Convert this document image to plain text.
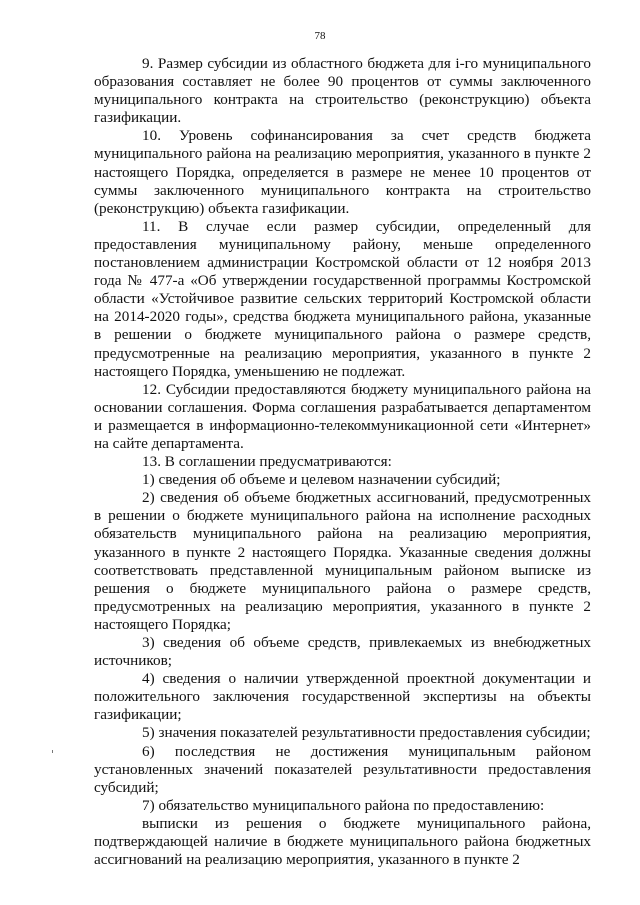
78

9. Размер субсидии из областного бюджета для i-го муниципального образования составляет не более 90 процентов от суммы заключенного муниципального контракта на строительство (реконструкцию) объекта газификации.

10. Уровень софинансирования за счет средств бюджета муниципального района на реализацию мероприятия, указанного в пункте 2 настоящего Порядка, определяется в размере не менее 10 процентов от суммы заключенного муниципального контракта на строительство (реконструкцию) объекта газификации.

11. В случае если размер субсидии, определенный для предоставления муниципальному району, меньше определенного постановлением администрации Костромской области от 12 ноября 2013 года № 477-а «Об утверждении государственной программы Костромской области «Устойчивое развитие сельских территорий Костромской области на 2014-2020 годы», средства бюджета муниципального района, указанные в решении о бюджете муниципального района о размере средств, предусмотренные на реализацию мероприятия, указанного в пункте 2 настоящего Порядка, уменьшению не подлежат.

12. Субсидии предоставляются бюджету муниципального района на основании соглашения. Форма соглашения разрабатывается департаментом и размещается в информационно-телекоммуникационной сети «Интернет» на сайте департамента.

13. В соглашении предусматриваются:

1) сведения об объеме и целевом назначении субсидий;

2) сведения об объеме бюджетных ассигнований, предусмотренных в решении о бюджете муниципального района на исполнение расходных обязательств муниципального района на реализацию мероприятия, указанного в пункте 2 настоящего Порядка. Указанные сведения должны соответствовать представленной муниципальным районом выписке из решения о бюджете муниципального района о размере средств, предусмотренных на реализацию мероприятия, указанного в пункте 2 настоящего Порядка;

3) сведения об объеме средств, привлекаемых из внебюджетных источников;

4) сведения о наличии утвержденной проектной документации и положительного заключения государственной экспертизы на объекты газификации;

5) значения показателей результативности предоставления субсидии;

6) последствия не достижения муниципальным районом установленных значений показателей результативности предоставления субсидий;

7) обязательство муниципального района по предоставлению:

выписки из решения о бюджете муниципального района, подтверждающей наличие в бюджете муниципального района бюджетных ассигнований на реализацию мероприятия, указанного в пункте 2
